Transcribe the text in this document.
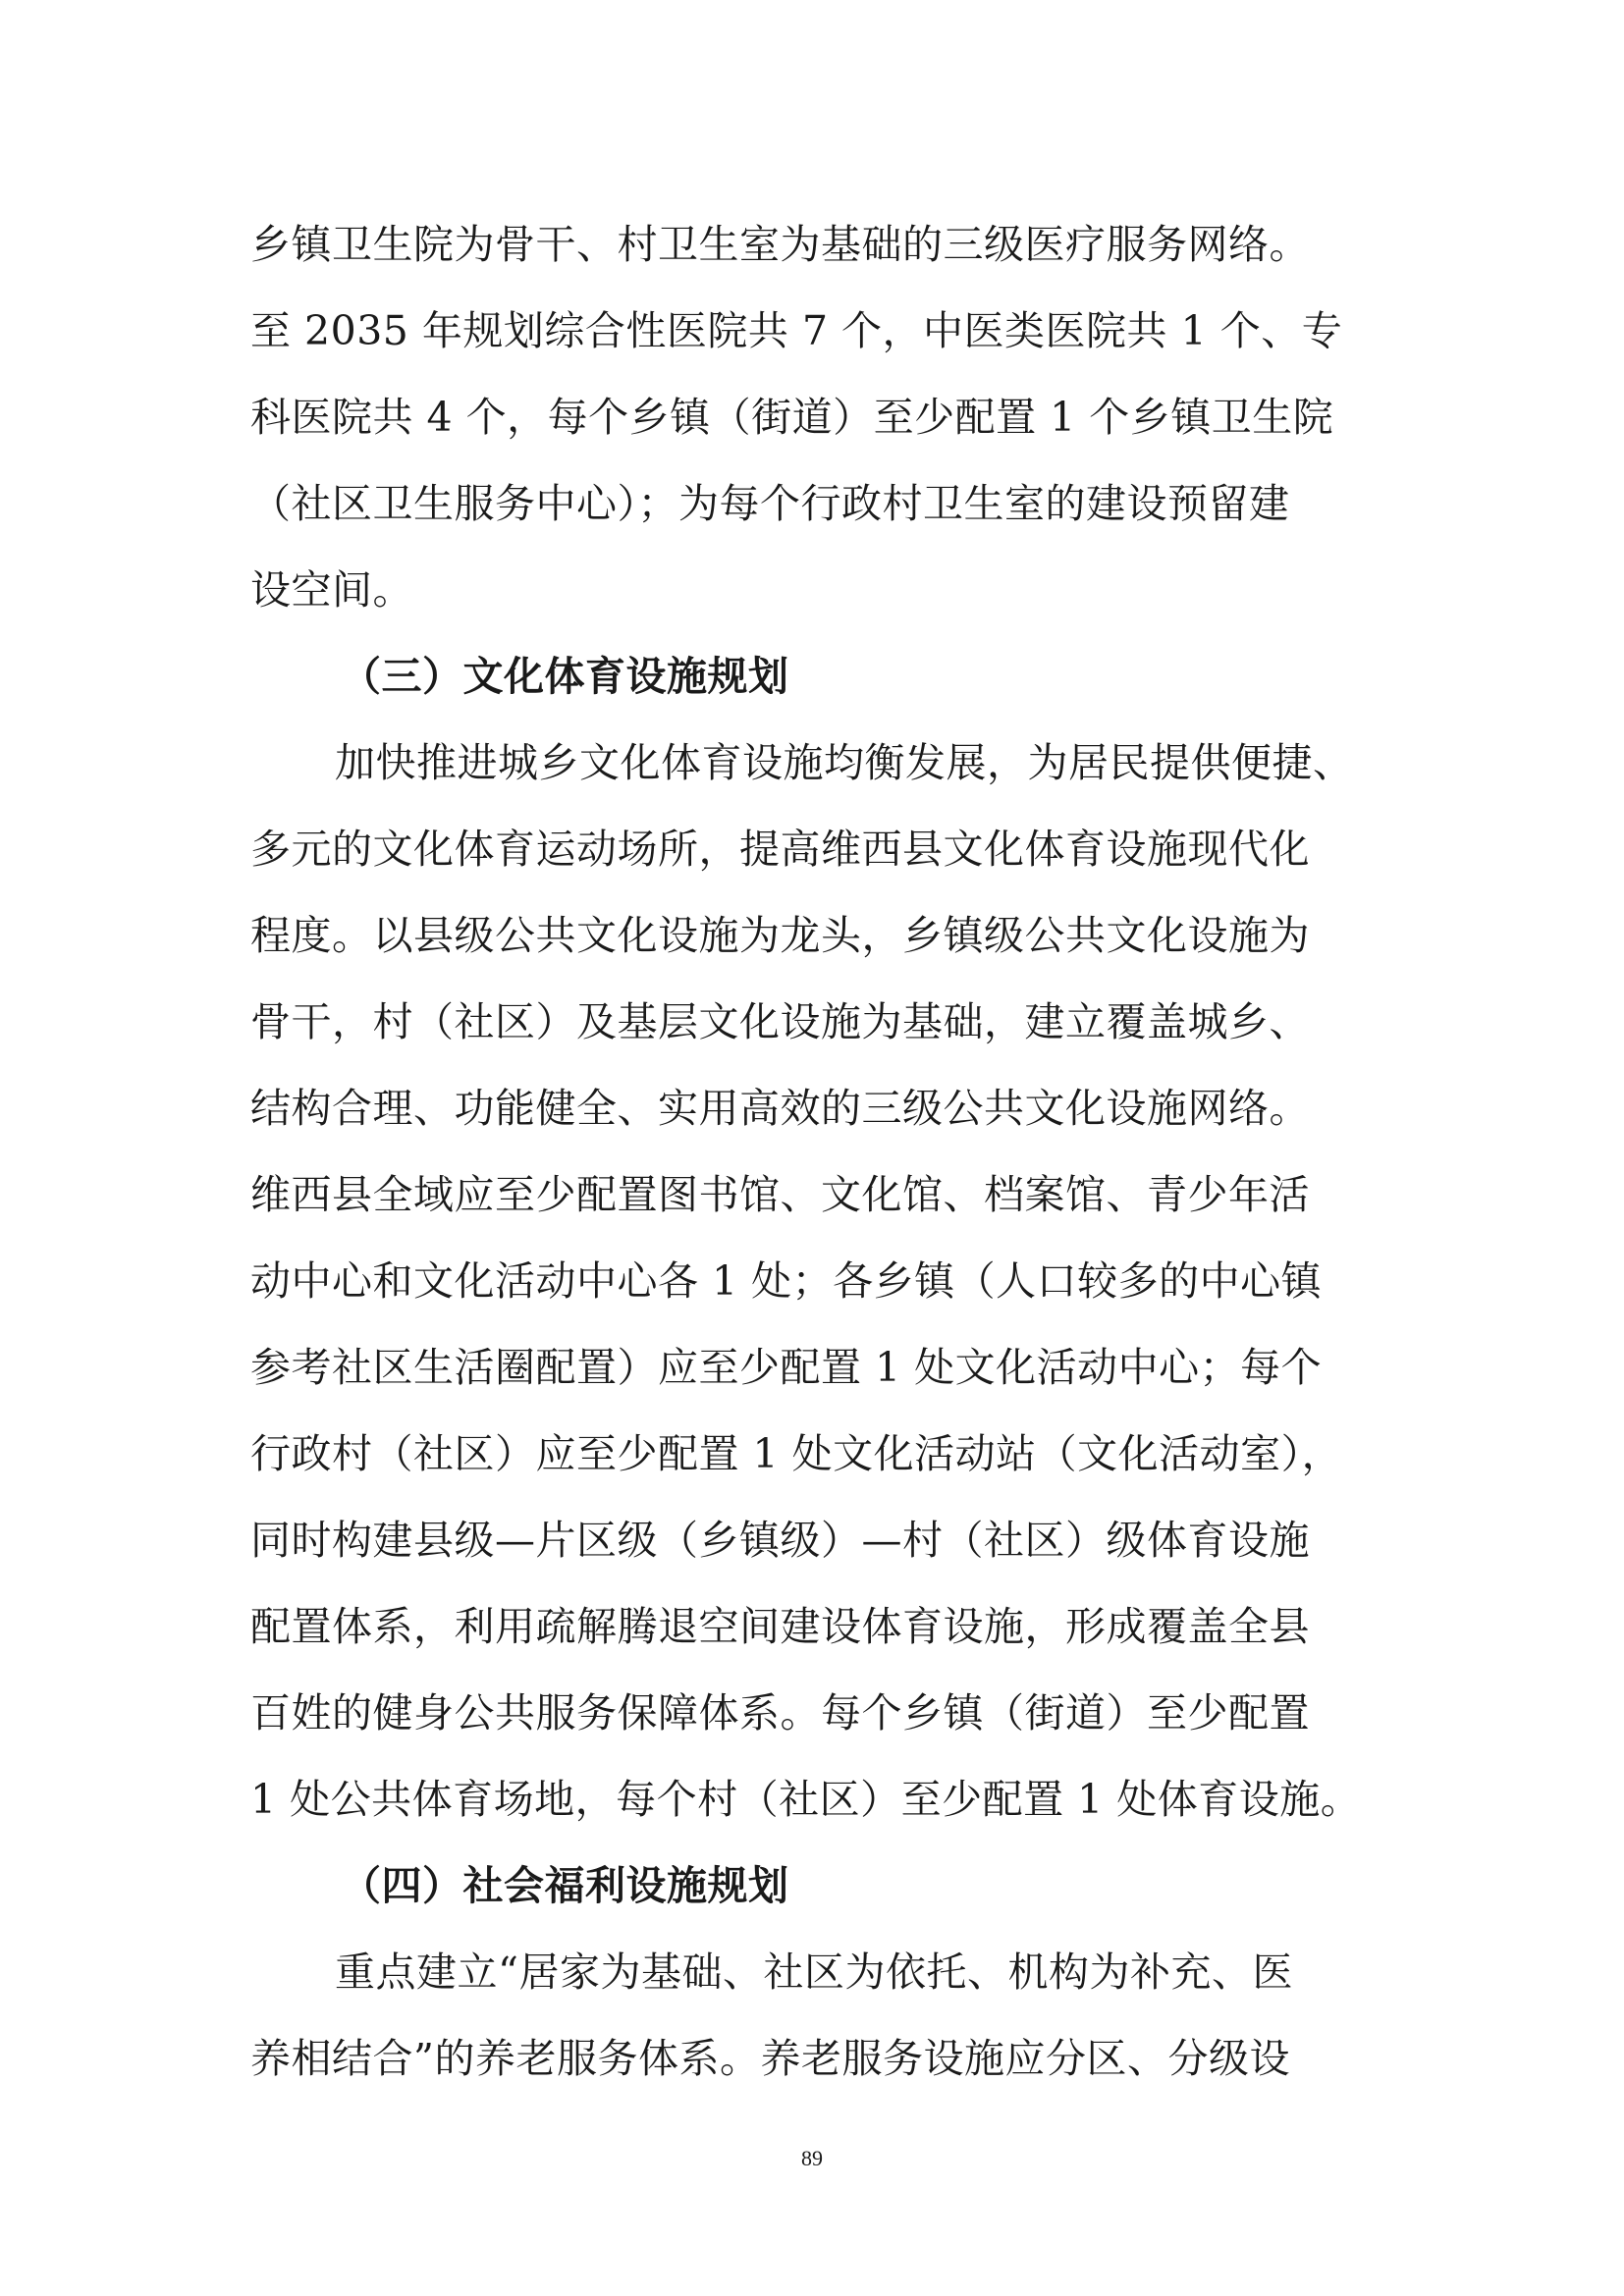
乡镇卫生院为骨干、村卫生室为基础的三级医疗服务网络。
至 2035 年规划综合性医院共 7 个，中医类医院共 1 个、专
科医院共 4 个，每个乡镇（街道）至少配置 1 个乡镇卫生院
（社区卫生服务中心）；为每个行政村卫生室的建设预留建
设空间。
（三）文化体育设施规划
加快推进城乡文化体育设施均衡发展，为居民提供便捷、
多元的文化体育运动场所，提高维西县文化体育设施现代化
程度。以县级公共文化设施为龙头，乡镇级公共文化设施为
骨干，村（社区）及基层文化设施为基础，建立覆盖城乡、
结构合理、功能健全、实用高效的三级公共文化设施网络。
维西县全域应至少配置图书馆、文化馆、档案馆、青少年活
动中心和文化活动中心各 1 处；各乡镇（人口较多的中心镇
参考社区生活圈配置）应至少配置 1 处文化活动中心；每个
行政村（社区）应至少配置 1 处文化活动站（文化活动室），
同时构建县级—片区级（乡镇级）—村（社区）级体育设施
配置体系，利用疏解腾退空间建设体育设施，形成覆盖全县
百姓的健身公共服务保障体系。每个乡镇（街道）至少配置
1 处公共体育场地，每个村（社区）至少配置 1 处体育设施。
（四）社会福利设施规划
重点建立“居家为基础、社区为依托、机构为补充、医
养相结合”的养老服务体系。养老服务设施应分区、分级设
89
